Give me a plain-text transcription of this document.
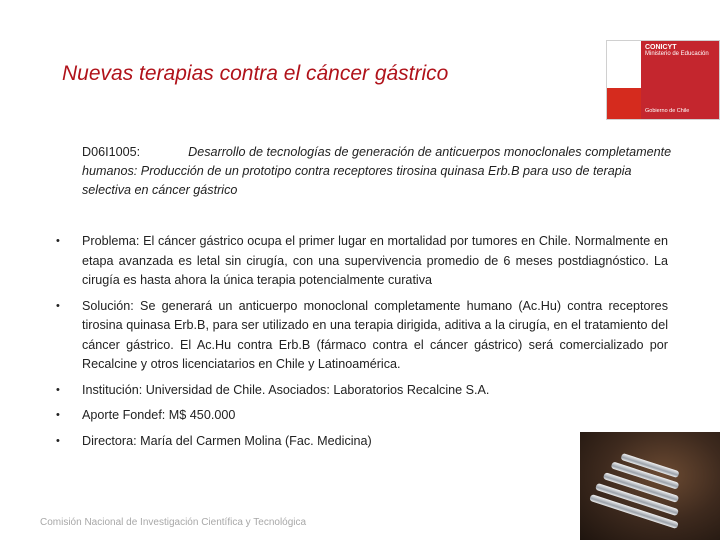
Nuevas terapias contra el cáncer gástrico
CONICYT
Ministerio de Educación
Gobierno de Chile
D06I1005:	Desarrollo de tecnologías de generación de anticuerpos monoclonales completamente humanos: Producción de un prototipo contra receptores tirosina quinasa Erb.B para uso de terapia selectiva en cáncer gástrico
• Problema: El cáncer gástrico ocupa el primer lugar en mortalidad por tumores en Chile. Normalmente en etapa avanzada es letal sin cirugía, con una supervivencia promedio de 6 meses postdiagnóstico. La cirugía es hasta ahora la única terapia potencialmente curativa
• Solución: Se generará un anticuerpo monoclonal completamente humano (Ac.Hu) contra receptores tirosina quinasa Erb.B, para ser utilizado en una terapia dirigida, aditiva a la cirugía, en el tratamiento del cáncer gástrico. El Ac.Hu contra Erb.B (fármaco contra el cáncer gástrico) será comercializado por Recalcine y otros licenciatarios en Chile y Latinoamérica.
• Institución: Universidad de Chile. Asociados: Laboratorios Recalcine S.A.
• Aporte Fondef: M$ 450.000
• Directora: María del Carmen Molina (Fac. Medicina)
Comisión Nacional de Investigación Científica y Tecnológica
